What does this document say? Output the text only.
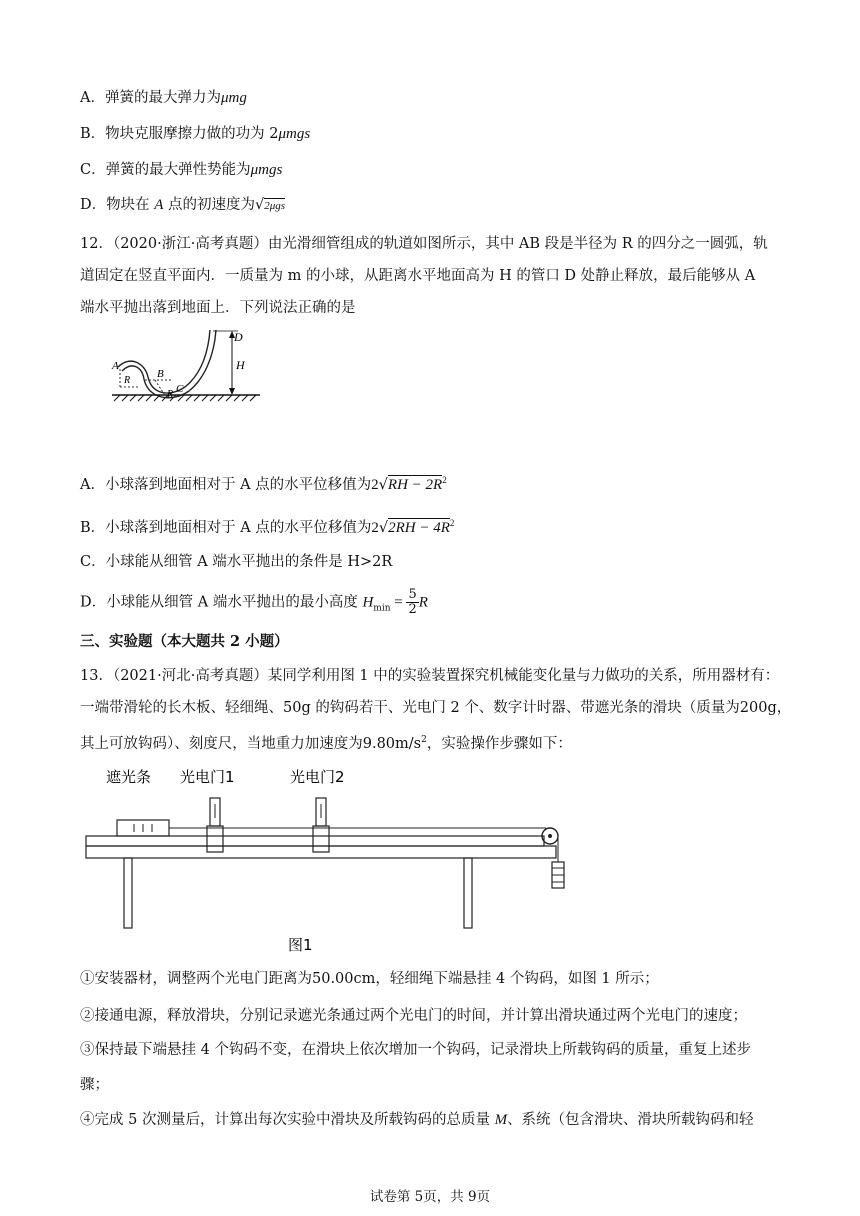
A．弹簧的最大弹力为μmg
B．物块克服摩擦力做的功为 2μmgs
C．弹簧的最大弹性势能为μmgs
D．物块在 A 点的初速度为√2μgs
12．（2020·浙江·高考真题）由光滑细管组成的轨道如图所示，其中 AB 段是半径为 R 的四分之一圆弧，轨
道固定在竖直平面内．一质量为 m 的小球，从距离水平地面高为 H 的管口 D 处静止释放，最后能够从 A
端水平抛出落到地面上．下列说法正确的是
A
R
B
R C
D
H
A．小球落到地面相对于 A 点的水平位移值为$2√RH - 2R^2$
B．小球落到地面相对于 A 点的水平位移值为$2√2RH - 4R^2$
C．小球能从细管 A 端水平抛出的条件是 H>2R
D．小球能从细管 A 端水平抛出的最小高度 $H_{min} = \frac{5}{2}$ R
三、实验题（本大题共 2 小题）
13．（2021·河北·高考真题）某同学利用图 1 中的实验装置探究机械能变化量与力做功的关系，所用器材有：
一端带滑轮的长木板、轻细绳、50g 的钩码若干、光电门 2 个、数字计时器、带遮光条的滑块（质量为200g，
其上可放钩码）、刻度尺，当地重力加速度为$9.80m/s^2$，实验操作步骤如下：
遮光条 光电门1	光电门2
图1
①安装器材，调整两个光电门距离为50.00cm，轻细绳下端悬挂 4 个钩码，如图 1 所示；
②接通电源，释放滑块，分别记录遮光条通过两个光电门的时间，并计算出滑块通过两个光电门的速度；
③保持最下端悬挂 4 个钩码不变，在滑块上依次增加一个钩码，记录滑块上所载钩码的质量，重复上述步
骤；
④完成 5 次测量后，计算出每次实验中滑块及所载钩码的总质量 M、系统（包含滑块、滑块所载钩码和轻
试卷第 5页，共 9页
